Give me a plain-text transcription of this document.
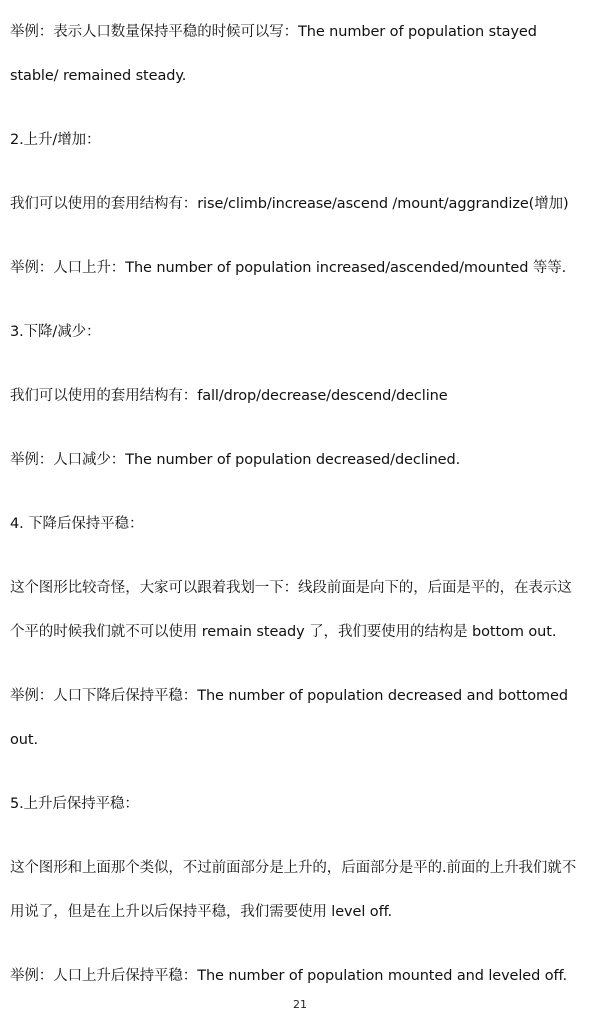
举例：表示人口数量保持平稳的时候可以写：The number of population stayed
stable/ remained steady.
2.上升/增加：
我们可以使用的套用结构有：rise/climb/increase/ascend /mount/aggrandize(增加)
举例：人口上升：The number of population increased/ascended/mounted 等等.
3.下降/减少：
我们可以使用的套用结构有：fall/drop/decrease/descend/decline
举例：人口减少：The number of population decreased/declined.
4. 下降后保持平稳：
这个图形比较奇怪，大家可以跟着我划一下：线段前面是向下的，后面是平的，在表示这
个平的时候我们就不可以使用 remain steady 了，我们要使用的结构是 bottom out.
举例：人口下降后保持平稳：The number of population decreased and bottomed
out.
5.上升后保持平稳：
这个图形和上面那个类似，不过前面部分是上升的，后面部分是平的.前面的上升我们就不
用说了，但是在上升以后保持平稳，我们需要使用 level off.
举例：人口上升后保持平稳：The number of population mounted and leveled off.
21
